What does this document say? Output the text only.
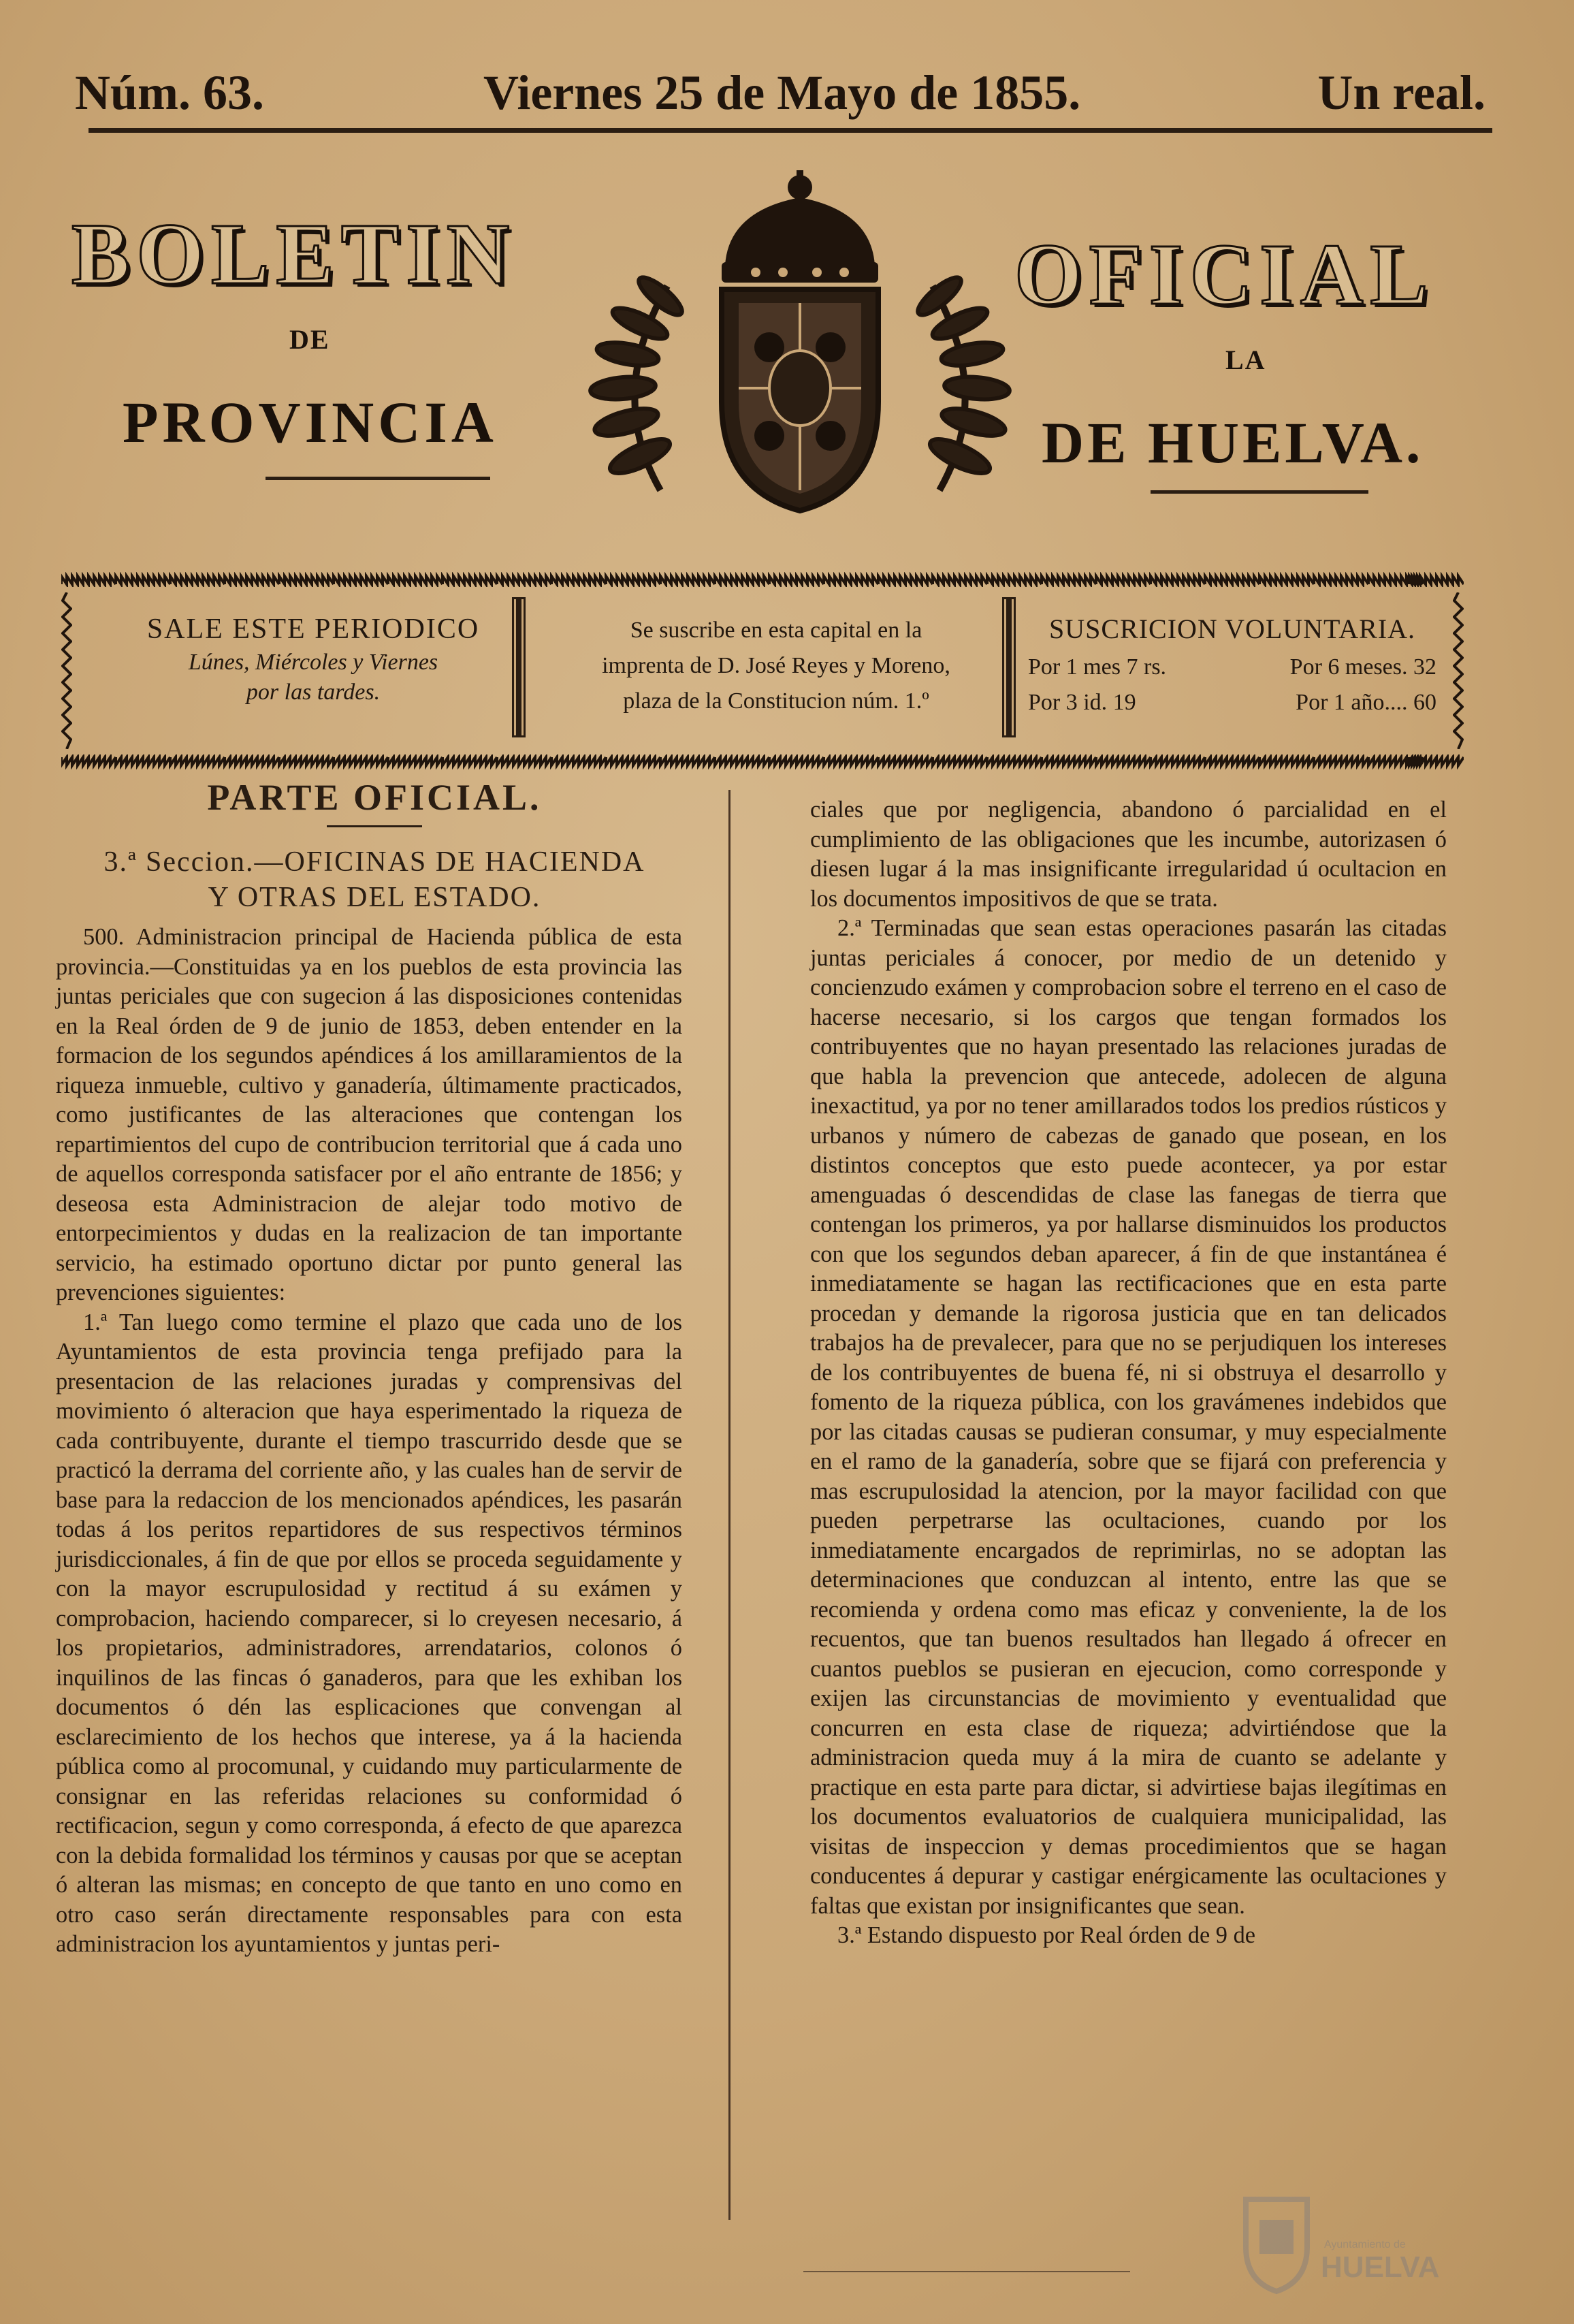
Núm. 63.	Viernes 25 de Mayo de 1855.	Un real.
BOLETIN	OFICIAL
DE
LA
PROVINCIA	DE HUELVA.
SALE ESTE PERIODICO
Lúnes, Miércoles y Viernes
por las tardes.
Se suscribe en esta capital en la
imprenta de D. José Reyes y Moreno,
plaza de la Constitucion núm. 1.º
SUSCRICION VOLUNTARIA.
Por 1 mes 7 rs.	Por 6 meses. 32
Por 3 id. 19	Por 1 año.... 60
PARTE OFICIAL.
3.ª Seccion.—OFICINAS DE HACIENDA
Y OTRAS DEL ESTADO.

500. Administracion principal de Hacienda pública de esta provincia.—Constituidas ya en los pueblos de esta provincia las juntas periciales que con sugecion á las disposiciones contenidas en la Real órden de 9 de junio de 1853, deben entender en la formacion de los segundos apéndices á los amillaramientos de la riqueza inmueble, cultivo y ganadería, últimamente practicados, como justificantes de las alteraciones que contengan los repartimientos del cupo de contribucion territorial que á cada uno de aquellos corresponda satisfacer por el año entrante de 1856; y deseosa esta Administracion de alejar todo motivo de entorpecimientos y dudas en la realizacion de tan importante servicio, ha estimado oportuno dictar por punto general las prevenciones siguientes:

1.ª Tan luego como termine el plazo que cada uno de los Ayuntamientos de esta provincia tenga prefijado para la presentacion de las relaciones juradas y comprensivas del movimiento ó alteracion que haya esperimentado la riqueza de cada contribuyente, durante el tiempo trascurrido desde que se practicó la derrama del corriente año, y las cuales han de servir de base para la redaccion de los mencionados apéndices, les pasarán todas á los peritos repartidores de sus respectivos términos jurisdiccionales, á fin de que por ellos se proceda seguidamente y con la mayor escrupulosidad y rectitud á su exámen y comprobacion, haciendo comparecer, si lo creyesen necesario, á los propietarios, administradores, arrendatarios, colonos ó inquilinos de las fincas ó ganaderos, para que les exhiban los documentos ó dén las esplicaciones que convengan al esclarecimiento de los hechos que interese, ya á la hacienda pública como al procomunal, y cuidando muy particularmente de consignar en las referidas relaciones su conformidad ó rectificacion, segun y como corresponda, á efecto de que aparezca con la debida formalidad los términos y causas por que se aceptan ó alteran las mismas; en concepto de que tanto en uno como en otro caso serán directamente responsables para con esta administracion los ayuntamientos y juntas peri-

ciales que por negligencia, abandono ó parcialidad en el cumplimiento de las obligaciones que les incumbe, autorizasen ó diesen lugar á la mas insignificante irregularidad ú ocultacion en los documentos impositivos de que se trata.

2.ª Terminadas que sean estas operaciones pasarán las citadas juntas periciales á conocer, por medio de un detenido y concienzudo exámen y comprobacion sobre el terreno en el caso de hacerse necesario, si los cargos que tengan formados los contribuyentes que no hayan presentado las relaciones juradas de que habla la prevencion que antecede, adolecen de alguna inexactitud, ya por no tener amillarados todos los predios rústicos y urbanos y número de cabezas de ganado que posean, en los distintos conceptos que esto puede acontecer, ya por estar amenguadas ó descendidas de clase las fanegas de tierra que contengan los primeros, ya por hallarse disminuidos los productos con que los segundos deban aparecer, á fin de que instantánea é inmediatamente se hagan las rectificaciones que en esta parte procedan y demande la rigorosa justicia que en tan delicados trabajos ha de prevalecer, para que no se perjudiquen los intereses de los contribuyentes de buena fé, ni si obstruya el desarrollo y fomento de la riqueza pública, con los gravámenes indebidos que por las citadas causas se pudieran consumar, y muy especialmente en el ramo de la ganadería, sobre que se fijará con preferencia y mas escrupulosidad la atencion, por la mayor facilidad con que pueden perpetrarse las ocultaciones, cuando por los inmediatamente encargados de reprimirlas, no se adoptan las determinaciones que conduzcan al intento, entre las que se recomienda y ordena como mas eficaz y conveniente, la de los recuentos, que tan buenos resultados han llegado á ofrecer en cuantos pueblos se pusieran en ejecucion, como corresponde y exijen las circunstancias de movimiento y eventualidad que concurren en esta clase de riqueza; advirtiéndose que la administracion queda muy á la mira de cuanto se adelante y practique en esta parte para dictar, si advirtiese bajas ilegítimas en los documentos evaluatorios de cualquiera municipalidad, las visitas de inspeccion y demas procedimientos que se hagan conducentes á depurar y castigar enérgicamente las ocultaciones y faltas que existan por insignificantes que sean.

3.ª Estando dispuesto por Real órden de 9 de

Ayuntamiento de
HUELVA
